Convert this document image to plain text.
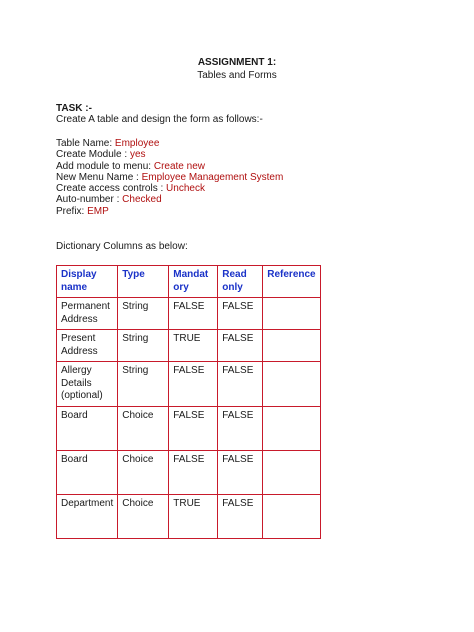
ASSIGNMENT 1:
Tables and Forms
TASK :-
Create A table and design the form as follows:-
Table Name: Employee
Create Module : yes
Add module to menu: Create new
New Menu Name : Employee Management System
Create access controls : Uncheck
Auto-number : Checked
Prefix: EMP
Dictionary Columns as below:
Display name	Type	Mandatory	Read only	Reference
Permanent Address	String	FALSE	FALSE	
Present Address	String	TRUE	FALSE	
Allergy Details (optional)	String	FALSE	FALSE	
Board	Choice	FALSE	FALSE	
Board	Choice	FALSE	FALSE	
Department	Choice	TRUE	FALSE	
